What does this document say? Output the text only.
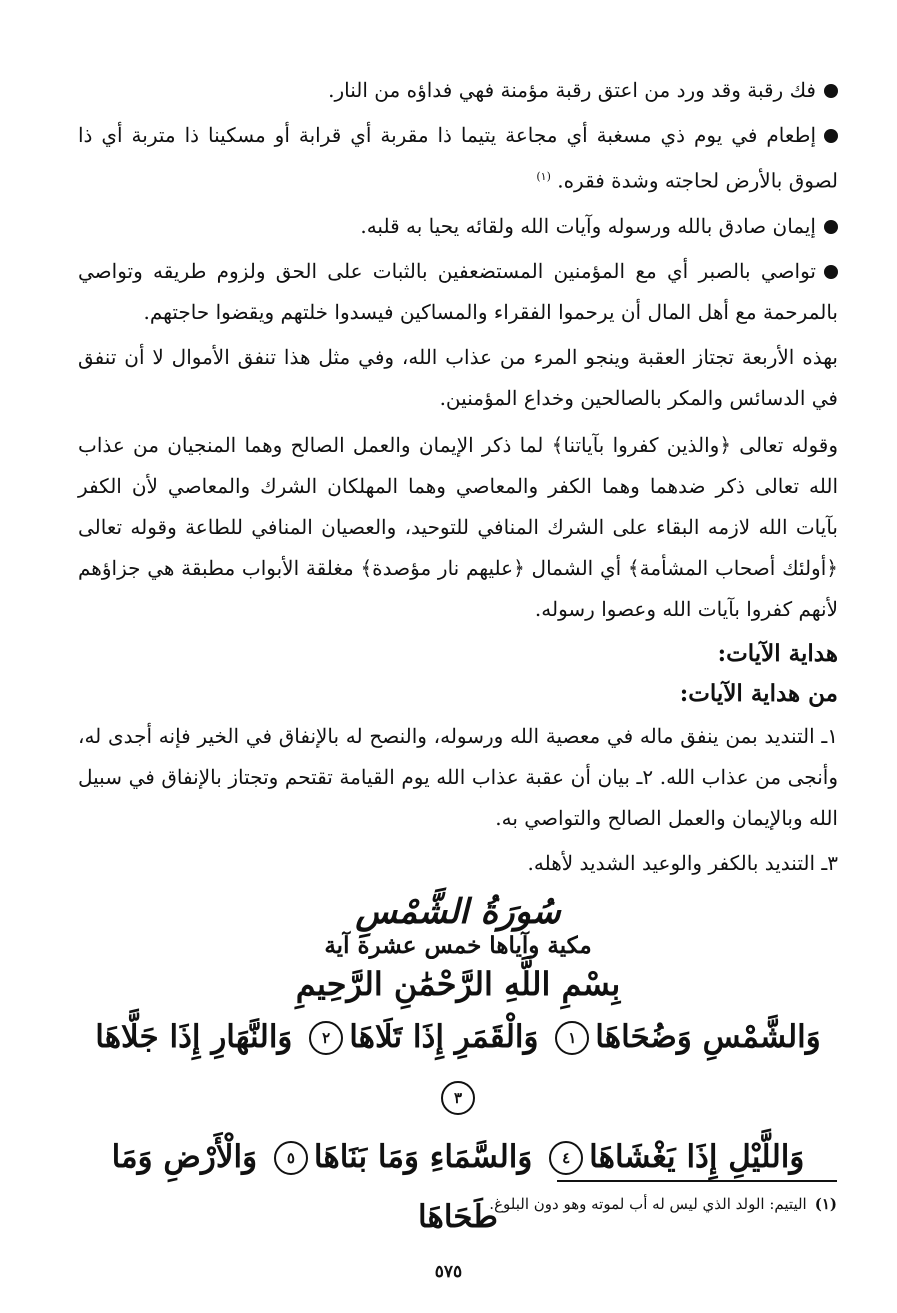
فك رقبة وقد ورد من اعتق رقبة مؤمنة فهي فداؤه من النار.

إطعام في يوم ذي مسغبة أي مجاعة يتيما ذا مقربة أي قرابة أو مسكينا ذا متربة أي ذا لصوق بالأرض لحاجته وشدة فقره. $^{(١)}$

إيمان صادق بالله ورسوله وآيات الله ولقائه يحيا به قلبه.

تواصي بالصبر أي مع المؤمنين المستضعفين بالثبات على الحق ولزوم طريقه وتواصي بالمرحمة مع أهل المال أن يرحموا الفقراء والمساكين فيسدوا خلتهم ويقضوا حاجتهم.

بهذه الأربعة تجتاز العقبة وينجو المرء من عذاب الله، وفي مثل هذا تنفق الأموال لا أن تنفق في الدسائس والمكر بالصالحين وخداع المؤمنين.

وقوله تعالى ﴿والذين كفروا بآياتنا﴾ لما ذكر الإيمان والعمل الصالح وهما المنجيان من عذاب الله تعالى ذكر ضدهما وهما الكفر والمعاصي وهما المهلكان الشرك والمعاصي لأن الكفر بآيات الله لازمه البقاء على الشرك المنافي للتوحيد، والعصيان المنافي للطاعة وقوله تعالى ﴿أولئك أصحاب المشأمة﴾ أي الشمال ﴿عليهم نار مؤصدة﴾ مغلقة الأبواب مطبقة هي جزاؤهم لأنهم كفروا بآيات الله وعصوا رسوله.

هداية الآيات:
من هداية الآيات:

١ـ التنديد بمن ينفق ماله في معصية الله ورسوله، والنصح له بالإنفاق في الخير فإنه أجدى له، وأنجى من عذاب الله. ٢ـ بيان أن عقبة عذاب الله يوم القيامة تقتحم وتجتاز بالإنفاق في سبيل الله وبالإيمان والعمل الصالح والتواصي به.

٣ـ التنديد بالكفر والوعيد الشديد لأهله.

سُورَةُ الشَّمْسِ
مكية وآياها خمس عشرة آية
بِسْمِ اللَّهِ الرَّحْمَٰنِ الرَّحِيمِ

وَالشَّمْسِ وَضُحَاهَا١ وَالْقَمَرِ إِذَا تَلَاهَا٢ وَالنَّهَارِ إِذَا جَلَّاهَا٣

وَاللَّيْلِ إِذَا يَغْشَاهَا٤ وَالسَّمَاءِ وَمَا بَنَاهَا٥ وَالْأَرْضِ وَمَا طَحَاهَا	(١)اليتيم: الولد الذي ليس له أب لموته وهو دون البلوغ.
٥٧٥
